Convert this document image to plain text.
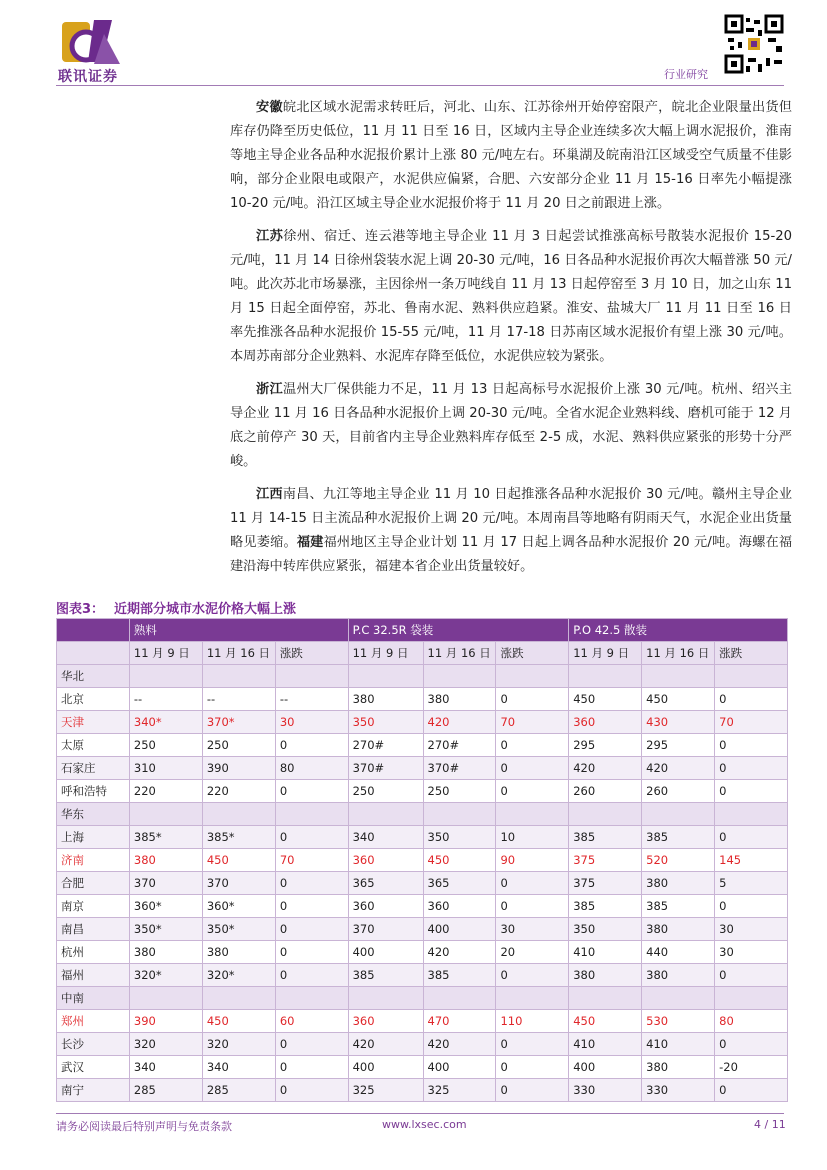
联讯证券	行业研究

安徽皖北区域水泥需求转旺后，河北、山东、江苏徐州开始停窑限产，皖北企业限量出货但库存仍降至历史低位，11 月 11 日至 16 日，区域内主导企业连续多次大幅上调水泥报价，淮南等地主导企业各品种水泥报价累计上涨 80 元/吨左右。环巢湖及皖南沿江区域受空气质量不佳影响，部分企业限电或限产，水泥供应偏紧，合肥、六安部分企业 11 月 15-16 日率先小幅提涨 10-20 元/吨。沿江区域主导企业水泥报价将于 11 月 20 日之前跟进上涨。

江苏徐州、宿迁、连云港等地主导企业 11 月 3 日起尝试推涨高标号散装水泥报价 15-20 元/吨，11 月 14 日徐州袋装水泥上调 20-30 元/吨，16 日各品种水泥报价再次大幅普涨 50 元/吨。此次苏北市场暴涨，主因徐州一条万吨线自 11 月 13 日起停窑至 3 月 10 日，加之山东 11 月 15 日起全面停窑，苏北、鲁南水泥、熟料供应趋紧。淮安、盐城大厂 11 月 11 日至 16 日率先推涨各品种水泥报价 15-55 元/吨，11 月 17-18 日苏南区域水泥报价有望上涨 30 元/吨。本周苏南部分企业熟料、水泥库存降至低位，水泥供应较为紧张。

浙江温州大厂保供能力不足，11 月 13 日起高标号水泥报价上涨 30 元/吨。杭州、绍兴主导企业 11 月 16 日各品种水泥报价上调 20-30 元/吨。全省水泥企业熟料线、磨机可能于 12 月底之前停产 30 天，目前省内主导企业熟料库存低至 2-5 成，水泥、熟料供应紧张的形势十分严峻。

江西南昌、九江等地主导企业 11 月 10 日起推涨各品种水泥报价 30 元/吨。赣州主导企业 11 月 14-15 日主流品种水泥报价上调 20 元/吨。本周南昌等地略有阴雨天气，水泥企业出货量略见萎缩。福建福州地区主导企业计划 11 月 17 日起上调各品种水泥报价 20 元/吨。海螺在福建沿海中转库供应紧张，福建本省企业出货量较好。

图表3： 近期部分城市水泥价格大幅上涨
	熟料			P.C 32.5R 袋装			P.O 42.5 散装		
	11 月 9 日	11 月 16 日	涨跌	11 月 9 日	11 月 16 日	涨跌	11 月 9 日	11 月 16 日	涨跌
华北									
北京	--	--	--	380	380	0	450	450	0
天津	340*	370*	30	350	420	70	360	430	70
太原	250	250	0	270#	270#	0	295	295	0
石家庄	310	390	80	370#	370#	0	420	420	0
呼和浩特	220	220	0	250	250	0	260	260	0
华东									
上海	385*	385*	0	340	350	10	385	385	0
济南	380	450	70	360	450	90	375	520	145
合肥	370	370	0	365	365	0	375	380	5
南京	360*	360*	0	360	360	0	385	385	0
南昌	350*	350*	0	370	400	30	350	380	30
杭州	380	380	0	400	420	20	410	440	30
福州	320*	320*	0	385	385	0	380	380	0
中南									
郑州	390	450	60	360	470	110	450	530	80
长沙	320	320	0	420	420	0	410	410	0
武汉	340	340	0	400	400	0	400	380	-20
南宁	285	285	0	325	325	0	330	330	0
请务必阅读最后特别声明与免责条款	www.lxsec.com	4 / 11
